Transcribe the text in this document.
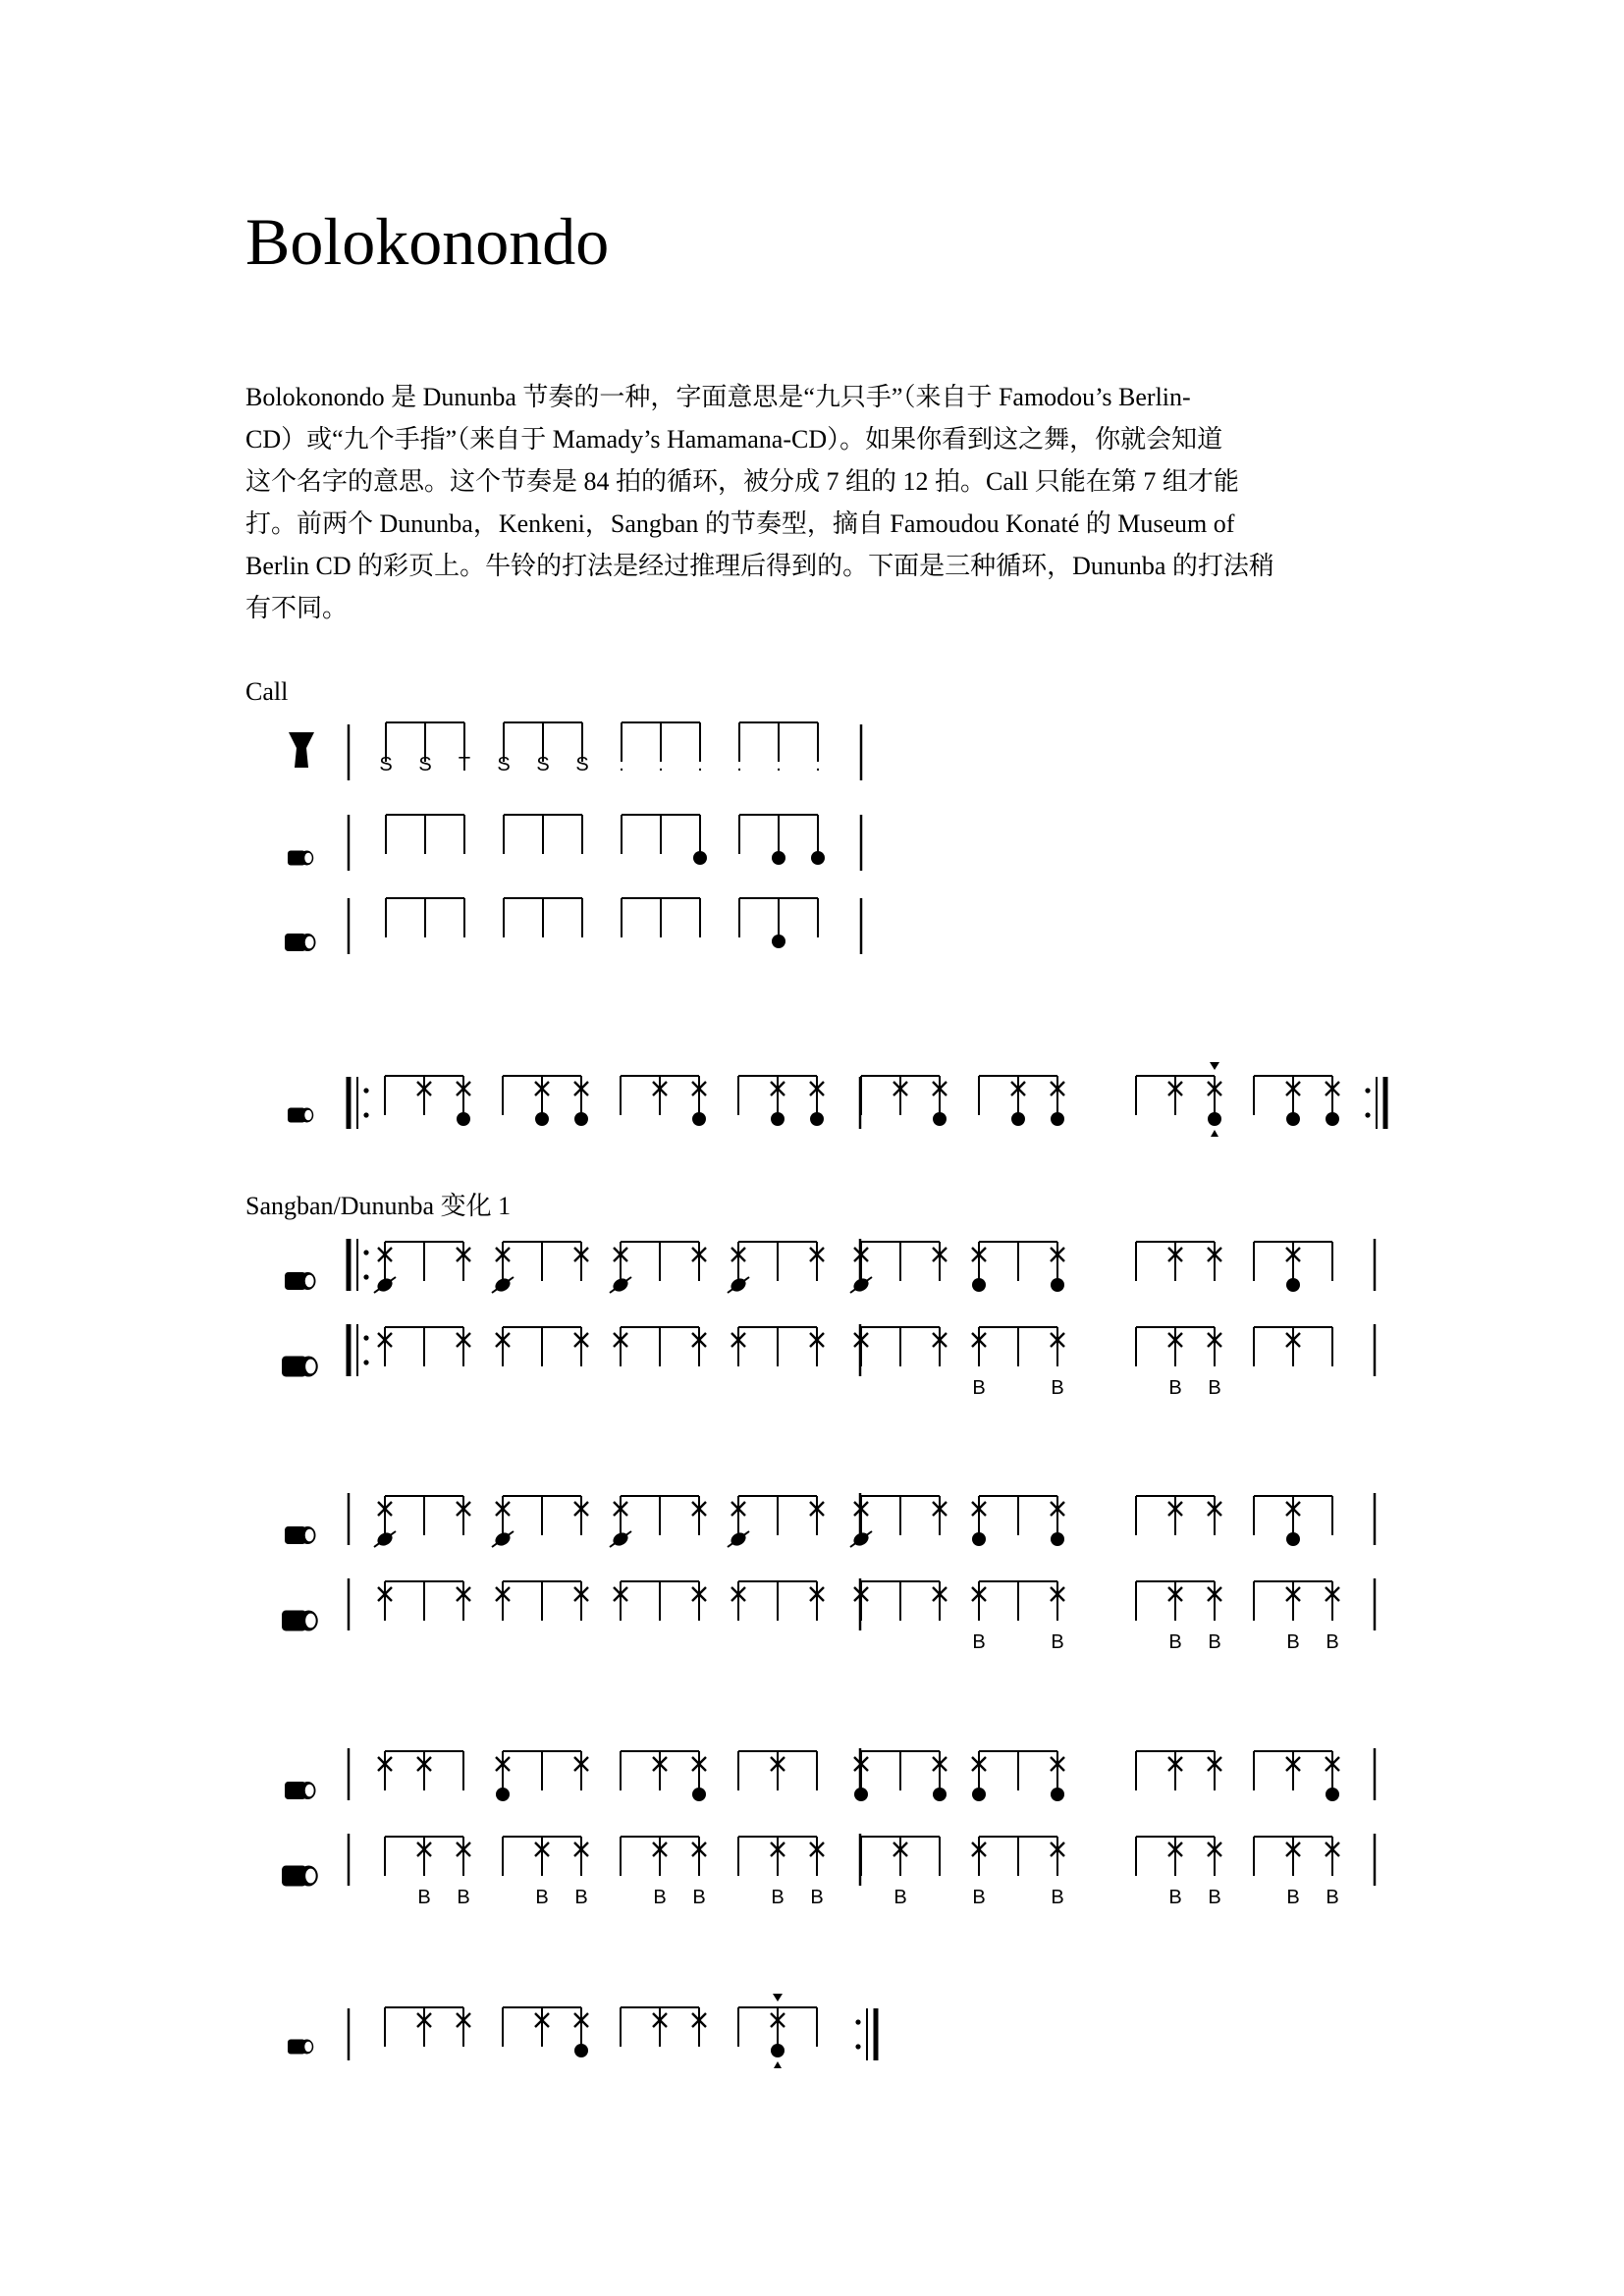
Bolokonondo
Bolokonondo 是 Dununba 节奏的一种，字面意思是“九只手”（来自于 Famodou’s Berlin-
CD）或“九个手指”（来自于 Mamady’s Hamamana-CD）。如果你看到这之舞，你就会知道
这个名字的意思。这个节奏是 84 拍的循环，被分成 7 组的 12 拍。Call 只能在第 7 组才能
打。前两个 Dununba，Kenkeni，Sangban 的节奏型，摘自 Famoudou Konaté 的 Museum of
Berlin CD 的彩页上。牛铃的打法是经过推理后得到的。下面是三种循环，Dununba 的打法稍
有不同。
Call
Sangban/Dununba 变化 1
S S T S S S . . . . . .
B	B	B B
B	B	B B	B B
B B	B B	B B	B B	B	B	B	B B	B B
